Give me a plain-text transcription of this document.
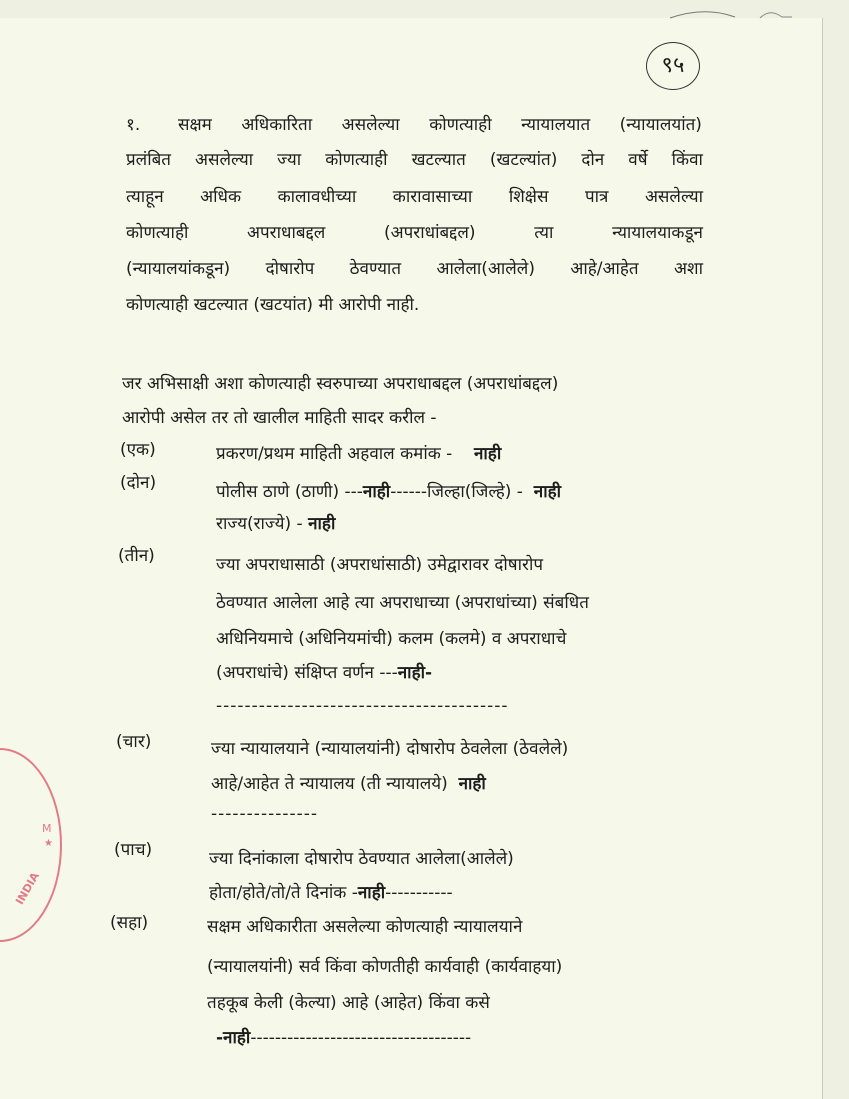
M
INDIA
★
९५
१. सक्षम अधिकारिता असलेल्या कोणत्याही न्यायालयात (न्यायालयांत)
प्रलंबित असलेल्या ज्या कोणत्याही खटल्यात (खटल्यांत) दोन वर्षे किंवा
त्याहून अधिक कालावधीच्या कारावासाच्या शिक्षेस पात्र असलेल्या
कोणत्याही	अपराधाबद्दल	(अपराधांबद्दल)	त्या	न्यायालयाकडून
(न्यायालयांकडून) दोषारोप ठेवण्यात आलेला(आलेले) आहे/आहेत अशा
कोणत्याही खटल्यात (खटयांत) मी आरोपी नाही.
जर अभिसाक्षी अशा कोणत्याही स्वरुपाच्या अपराधाबद्दल (अपराधांबद्दल)
आरोपी असेल तर तो खालील माहिती सादर करील -
(एक)	प्रकरण/प्रथम माहिती अहवाल कमांक - नाही
(दोन)	पोलीस ठाणे (ठाणी) ---नाही------जिल्हा(जिल्हे) - नाही
राज्य(राज्ये) - नाही
(तीन)	ज्या अपराधासाठी (अपराधांसाठी) उमेद्वारावर दोषारोप
ठेवण्यात आलेला आहे त्या अपराधाच्या (अपराधांच्या) संबधित
अधिनियमाचे (अधिनियमांची) कलम (कलमे) व अपराधाचे
(अपराधांचे) संक्षिप्त वर्णन ---नाही-
-----------------------------------------
(चार)	ज्या न्यायालयाने (न्यायालयांनी) दोषारोप ठेवलेला (ठेवलेले)
आहे/आहेत ते न्यायालय (ती न्यायालये) नाही
---------------
(पाच)	ज्या दिनांकाला दोषारोप ठेवण्यात आलेला(आलेले)
होता/होते/तो/ते दिनांक -नाही-----------
(सहा)	सक्षम अधिकारीता असलेल्या कोणत्याही न्यायालयाने
(न्यायालयांनी) सर्व किंवा कोणतीही कार्यवाही (कार्यवाहया)
तहकूब केली (केल्या) आहे (आहेत) किंवा कसे
-नाही------------------------------------
